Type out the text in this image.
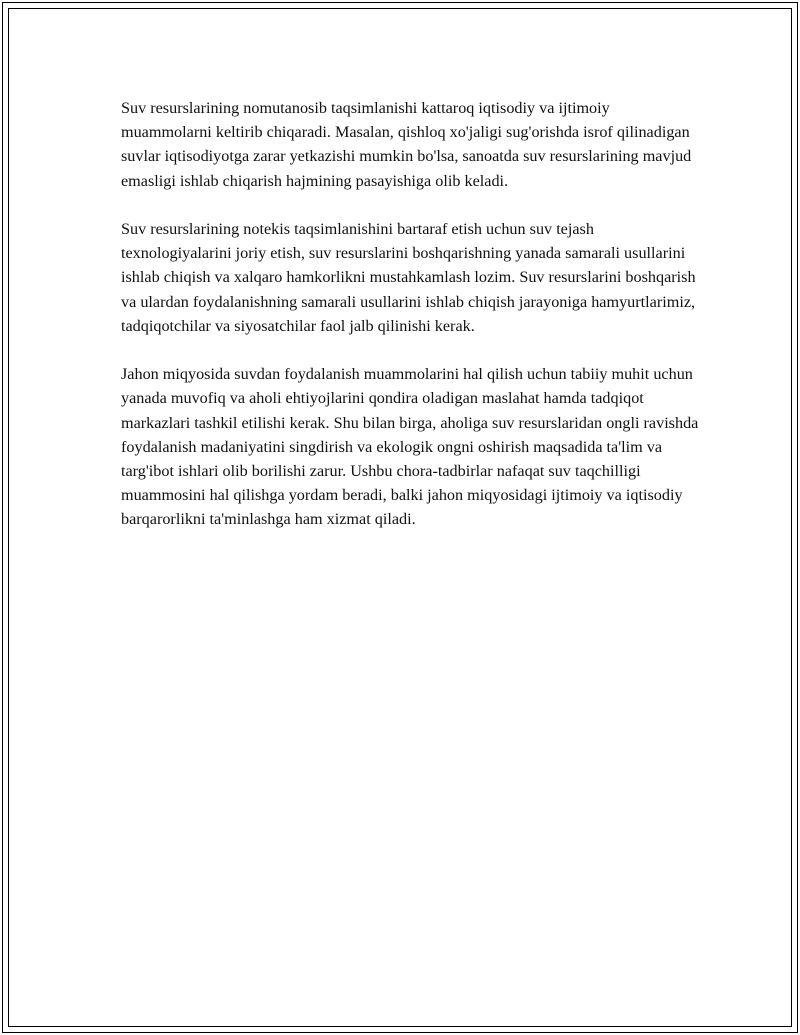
Suv resurslarining nomutanosib taqsimlanishi kattaroq iqtisodiy va ijtimoiy muammolarni keltirib chiqaradi. Masalan, qishloq xo'jaligi sug'orishda isrof qilinadigan suvlar iqtisodiyotga zarar yetkazishi mumkin bo'lsa, sanoatda suv resurslarining mavjud emasligi ishlab chiqarish hajmining pasayishiga olib keladi.

Suv resurslarining notekis taqsimlanishini bartaraf etish uchun suv tejash texnologiyalarini joriy etish, suv resurslarini boshqarishning yanada samarali usullarini ishlab chiqish va xalqaro hamkorlikni mustahkamlash lozim. Suv resurslarini boshqarish va ulardan foydalanishning samarali usullarini ishlab chiqish jarayoniga hamyurtlarimiz, tadqiqotchilar va siyosatchilar faol jalb qilinishi kerak.

Jahon miqyosida suvdan foydalanish muammolarini hal qilish uchun tabiiy muhit uchun yanada muvofiq va aholi ehtiyojlarini qondira oladigan maslahat hamda tadqiqot markazlari tashkil etilishi kerak. Shu bilan birga, aholiga suv resurslaridan ongli ravishda foydalanish madaniyatini singdirish va ekologik ongni oshirish maqsadida ta'lim va targ'ibot ishlari olib borilishi zarur. Ushbu chora-tadbirlar nafaqat suv taqchilligi muammosini hal qilishga yordam beradi, balki jahon miqyosidagi ijtimoiy va iqtisodiy barqarorlikni ta'minlashga ham xizmat qiladi.
